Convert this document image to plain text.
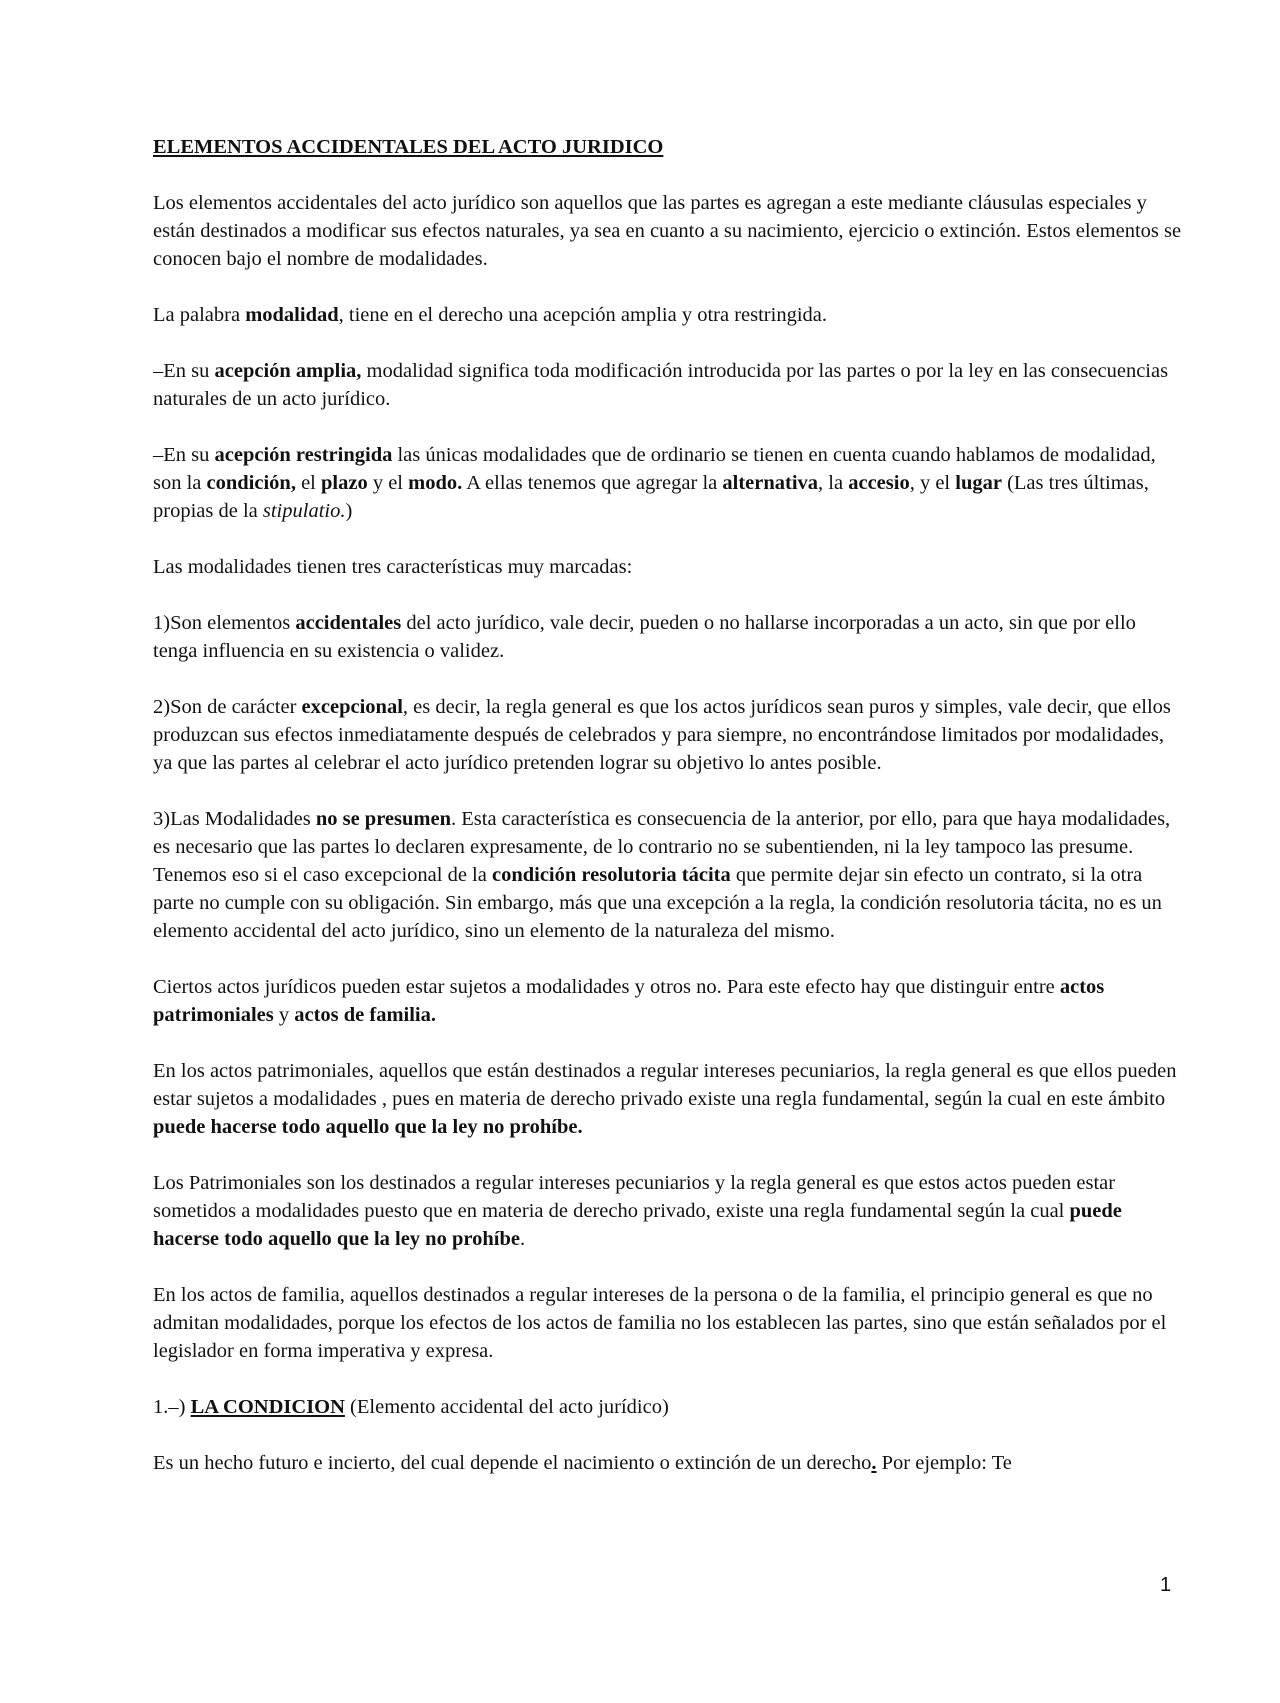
ELEMENTOS ACCIDENTALES DEL ACTO JURIDICO

Los elementos accidentales del acto jurídico son aquellos que las partes es agregan a este mediante cláusulas especiales y están destinados a modificar sus efectos naturales, ya sea en cuanto a su nacimiento, ejercicio o extinción. Estos elementos se conocen bajo el nombre de modalidades.

La palabra modalidad, tiene en el derecho una acepción amplia y otra restringida.

–En su acepción amplia, modalidad significa toda modificación introducida por las partes o por la ley en las consecuencias naturales de un acto jurídico.

–En su acepción restringida las únicas modalidades que de ordinario se tienen en cuenta cuando hablamos de modalidad, son la condición, el plazo y el modo. A ellas tenemos que agregar la alternativa, la accesio, y el lugar (Las tres últimas, propias de la stipulatio.)

Las modalidades tienen tres características muy marcadas:

1)Son elementos accidentales del acto jurídico, vale decir, pueden o no hallarse incorporadas a un acto, sin que por ello tenga influencia en su existencia o validez.

2)Son de carácter excepcional, es decir, la regla general es que los actos jurídicos sean puros y simples, vale decir, que ellos produzcan sus efectos inmediatamente después de celebrados y para siempre, no encontrándose limitados por modalidades, ya que las partes al celebrar el acto jurídico pretenden lograr su objetivo lo antes posible.

3)Las Modalidades no se presumen. Esta característica es consecuencia de la anterior, por ello, para que haya modalidades, es necesario que las partes lo declaren expresamente, de lo contrario no se subentienden, ni la ley tampoco las presume. Tenemos eso si el caso excepcional de la condición resolutoria tácita que permite dejar sin efecto un contrato, si la otra parte no cumple con su obligación. Sin embargo, más que una excepción a la regla, la condición resolutoria tácita, no es un elemento accidental del acto jurídico, sino un elemento de la naturaleza del mismo.

Ciertos actos jurídicos pueden estar sujetos a modalidades y otros no. Para este efecto hay que distinguir entre actos patrimoniales y actos de familia.

En los actos patrimoniales, aquellos que están destinados a regular intereses pecuniarios, la regla general es que ellos pueden estar sujetos a modalidades , pues en materia de derecho privado existe una regla fundamental, según la cual en este ámbito puede hacerse todo aquello que la ley no prohíbe.

Los Patrimoniales son los destinados a regular intereses pecuniarios y la regla general es que estos actos pueden estar sometidos a modalidades puesto que en materia de derecho privado, existe una regla fundamental según la cual puede hacerse todo aquello que la ley no prohíbe.

En los actos de familia, aquellos destinados a regular intereses de la persona o de la familia, el principio general es que no admitan modalidades, porque los efectos de los actos de familia no los establecen las partes, sino que están señalados por el legislador en forma imperativa y expresa.

1.–) LA CONDICION (Elemento accidental del acto jurídico)

Es un hecho futuro e incierto, del cual depende el nacimiento o extinción de un derecho. Por ejemplo: Te

1
